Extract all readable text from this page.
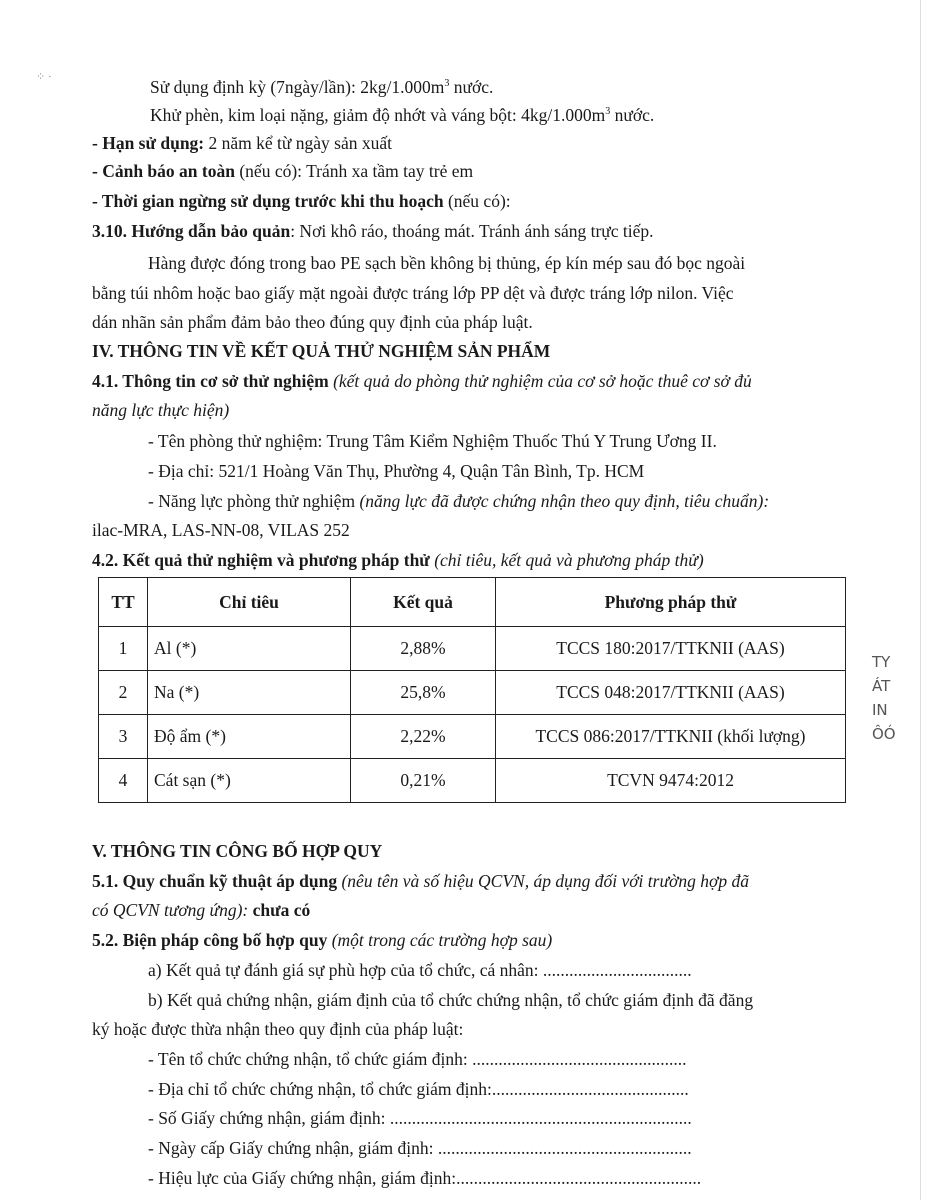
⁘ ·	Sử dụng định kỳ (7ngày/lần): $2kg/1.000m^3$ nước.
Khử phèn, kim loại nặng, giảm độ nhớt và váng bột: $4kg/1.000m^3$ nước.
- Hạn sử dụng: 2 năm kể từ ngày sản xuất
- Cảnh báo an toàn (nếu có): Tránh xa tầm tay trẻ em
- Thời gian ngừng sử dụng trước khi thu hoạch (nếu có):
3.10. Hướng dẫn bảo quản: Nơi khô ráo, thoáng mát. Tránh ánh sáng trực tiếp.
Hàng được đóng trong bao PE sạch bền không bị thủng, ép kín mép sau đó bọc ngoài
bằng túi nhôm hoặc bao giấy mặt ngoài được tráng lớp PP dệt và được tráng lớp nilon. Việc
dán nhãn sản phẩm đảm bảo theo đúng quy định của pháp luật.
IV. THÔNG TIN VỀ KẾT QUẢ THỬ NGHIỆM SẢN PHẨM
4.1. Thông tin cơ sở thử nghiệm (kết quả do phòng thử nghiệm của cơ sở hoặc thuê cơ sở đủ
năng lực thực hiện)
- Tên phòng thử nghiệm: Trung Tâm Kiểm Nghiệm Thuốc Thú Y Trung Ương II.
- Địa chỉ: 521/1 Hoàng Văn Thụ, Phường 4, Quận Tân Bình, Tp. HCM
- Năng lực phòng thử nghiệm (năng lực đã được chứng nhận theo quy định, tiêu chuẩn):
ilac-MRA, LAS-NN-08, VILAS 252
4.2. Kết quả thử nghiệm và phương pháp thử (chỉ tiêu, kết quả và phương pháp thử)
TT	Chỉ tiêu	Kết quả	Phương pháp thử
1	Al (*)	2,88%	TCCS 180:2017/TTKNII (AAS)
2	Na (*)	25,8%	TCCS 048:2017/TTKNII (AAS)
3	Độ ẩm (*)	2,22%	TCCS 086:2017/TTKNII (khối lượng)
4	Cát sạn (*)	0,21%	TCVN 9474:2012
TY
ÁT
IN
ÔÓ
V. THÔNG TIN CÔNG BỐ HỢP QUY
5.1. Quy chuẩn kỹ thuật áp dụng (nêu tên và số hiệu QCVN, áp dụng đối với trường hợp đã
có QCVN tương ứng): chưa có
5.2. Biện pháp công bố hợp quy (một trong các trường hợp sau)
a) Kết quả tự đánh giá sự phù hợp của tổ chức, cá nhân: ..................................
b) Kết quả chứng nhận, giám định của tổ chức chứng nhận, tổ chức giám định đã đăng
ký hoặc được thừa nhận theo quy định của pháp luật:
- Tên tổ chức chứng nhận, tổ chức giám định: .................................................
- Địa chỉ tổ chức chứng nhận, tổ chức giám định:.............................................
- Số Giấy chứng nhận, giám định: .....................................................................
- Ngày cấp Giấy chứng nhận, giám định: ..........................................................
- Hiệu lực của Giấy chứng nhận, giám định:........................................................
